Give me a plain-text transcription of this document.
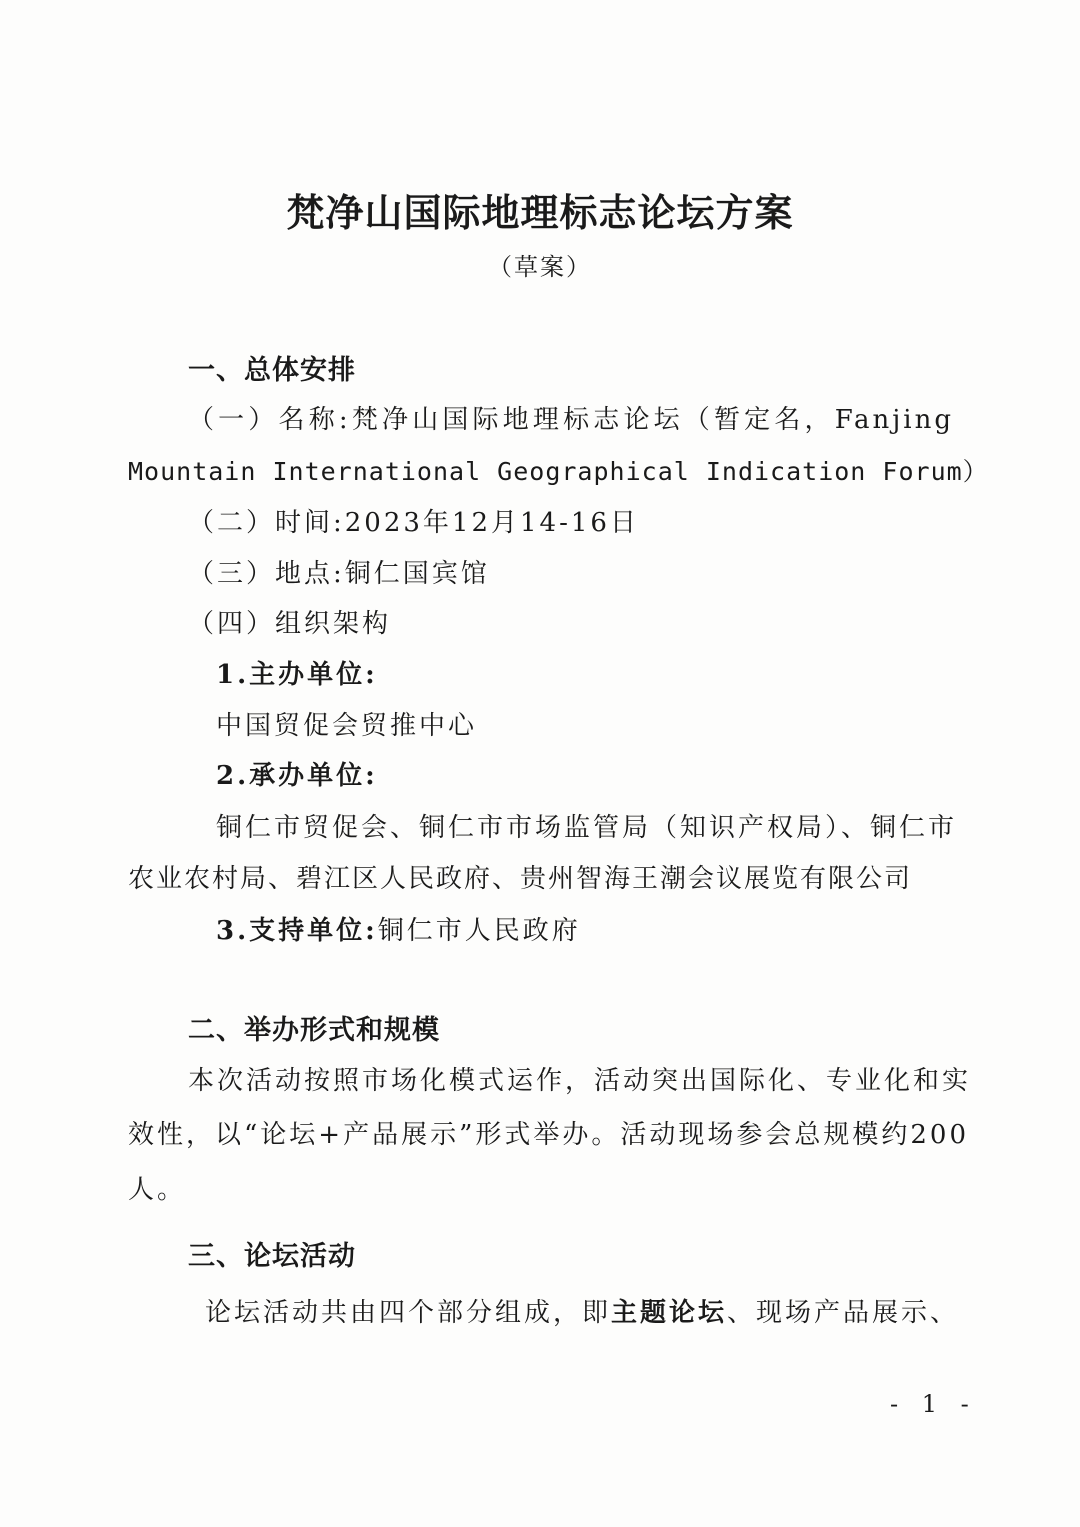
梵净山国际地理标志论坛方案
（草案）
一、总体安排
（一）名称:梵净山国际地理标志论坛（暂定名，Fanjing
Mountain International Geographical Indication Forum）
（二）时间:2023年12月14-16日
（三）地点:铜仁国宾馆
（四）组织架构
1.主办单位:
中国贸促会贸推中心
2.承办单位:
铜仁市贸促会、铜仁市市场监管局（知识产权局）、铜仁市
农业农村局、碧江区人民政府、贵州智海王潮会议展览有限公司
3.支持单位:铜仁市人民政府
二、举办形式和规模
本次活动按照市场化模式运作，活动突出国际化、专业化和实
效性，以“论坛+产品展示”形式举办。活动现场参会总规模约200
人。
三、论坛活动
论坛活动共由四个部分组成，即主题论坛、现场产品展示、
- 1 -
